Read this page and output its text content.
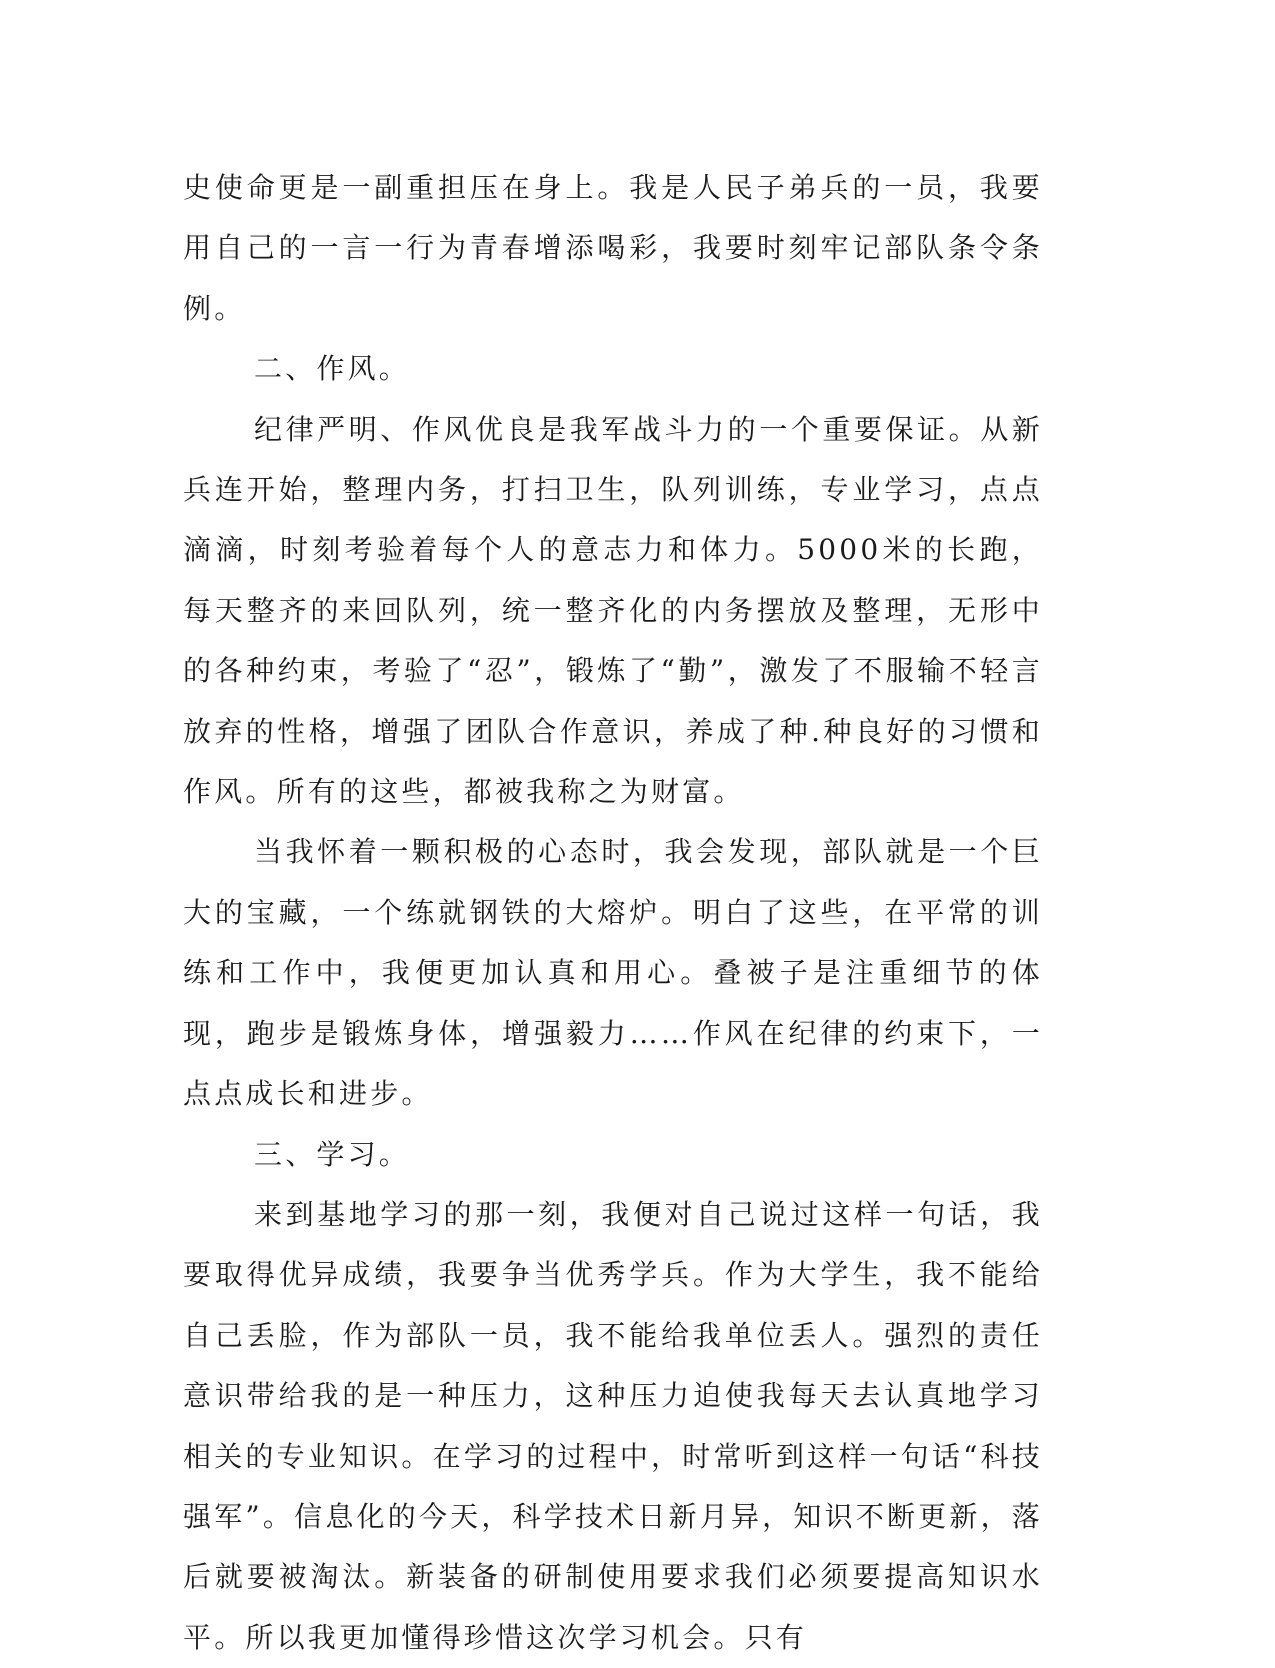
史使命更是一副重担压在身上。我是人民子弟兵的一员，我要用自己的一言一行为青春增添喝彩，我要时刻牢记部队条令条例。

二、作风。

纪律严明、作风优良是我军战斗力的一个重要保证。从新兵连开始，整理内务，打扫卫生，队列训练，专业学习，点点滴滴，时刻考验着每个人的意志力和体力。5000米的长跑，每天整齐的来回队列，统一整齐化的内务摆放及整理，无形中的各种约束，考验了“忍”，锻炼了“勤”，激发了不服输不轻言放弃的性格，增强了团队合作意识，养成了种.种良好的习惯和作风。所有的这些，都被我称之为财富。

当我怀着一颗积极的心态时，我会发现，部队就是一个巨大的宝藏，一个练就钢铁的大熔炉。明白了这些，在平常的训练和工作中，我便更加认真和用心。叠被子是注重细节的体现，跑步是锻炼身体，增强毅力……作风在纪律的约束下，一点点成长和进步。

三、学习。

来到基地学习的那一刻，我便对自己说过这样一句话，我要取得优异成绩，我要争当优秀学兵。作为大学生，我不能给自己丢脸，作为部队一员，我不能给我单位丢人。强烈的责任意识带给我的是一种压力，这种压力迫使我每天去认真地学习相关的专业知识。在学习的过程中，时常听到这样一句话“科技强军”。信息化的今天，科学技术日新月异，知识不断更新，落后就要被淘汰。新装备的研制使用要求我们必须要提高知识水平。所以我更加懂得珍惜这次学习机会。只有
